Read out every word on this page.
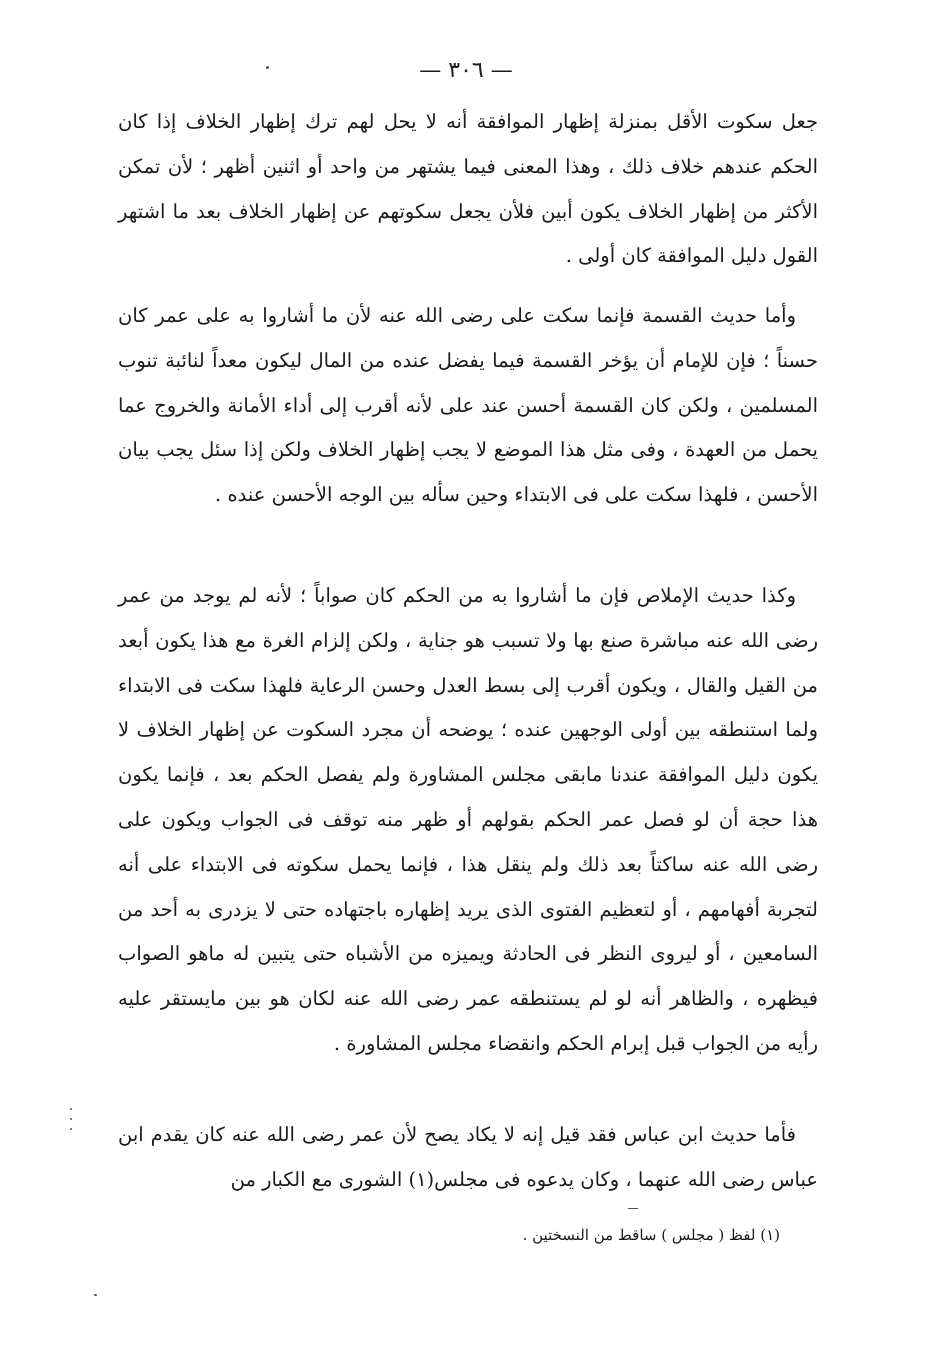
— ٣٠٦ —

جعل سكوت الأقل بمنزلة إظهار الموافقة أنه لا يحل لهم ترك إظهار الخلاف إذا كان الحكم عندهم خلاف ذلك ، وهذا المعنى فيما يشتهر من واحد أو اثنين أظهر ؛ لأن تمكن الأكثر من إظهار الخلاف يكون أبين فلأن يجعل سكوتهم عن إظهار الخلاف بعد ما اشتهر القول دليل الموافقة كان أولى .

وأما حديث القسمة فإنما سكت على رضى الله عنه لأن ما أشاروا به على عمر كان حسناً ؛ فإن للإمام أن يؤخر القسمة فيما يفضل عنده من المال ليكون معداً لنائبة تنوب المسلمين ، ولكن كان القسمة أحسن عند على لأنه أقرب إلى أداء الأمانة والخروج عما يحمل من العهدة ، وفى مثل هذا الموضع لا يجب إظهار الخلاف ولكن إذا سئل يجب بيان الأحسن ، فلهذا سكت على فى الابتداء وحين سأله بين الوجه الأحسن عنده .

وكذا حديث الإملاص فإن ما أشاروا به من الحكم كان صواباً ؛ لأنه لم يوجد من عمر رضى الله عنه مباشرة صنع بها ولا تسبب هو جناية ، ولكن إلزام الغرة مع هذا يكون أبعد من القيل والقال ، ويكون أقرب إلى بسط العدل وحسن الرعاية فلهذا سكت فى الابتداء ولما استنطقه بين أولى الوجهين عنده ؛ يوضحه أن مجرد السكوت عن إظهار الخلاف لا يكون دليل الموافقة عندنا مابقى مجلس المشاورة ولم يفصل الحكم بعد ، فإنما يكون هذا حجة أن لو فصل عمر الحكم بقولهم أو ظهر منه توقف فى الجواب ويكون على رضى الله عنه ساكتاً بعد ذلك ولم ينقل هذا ، فإنما يحمل سكوته فى الابتداء على أنه لتجربة أفهامهم ، أو لتعظيم الفتوى الذى يريد إظهاره باجتهاده حتى لا يزدرى به أحد من السامعين ، أو ليروى النظر فى الحادثة ويميزه من الأشباه حتى يتبين له ماهو الصواب فيظهره ، والظاهر أنه لو لم يستنطقه عمر رضى الله عنه لكان هو بين مايستقر عليه رأيه من الجواب قبل إبرام الحكم وانقضاء مجلس المشاورة .

فأما حديث ابن عباس فقد قيل إنه لا يكاد يصح لأن عمر رضى الله عنه كان يقدم ابن عباس رضى الله عنهما ، وكان يدعوه فى مجلس(١) الشورى مع الكبار من

(١) لفظ ( مجلس ) ساقط من النسختين .
